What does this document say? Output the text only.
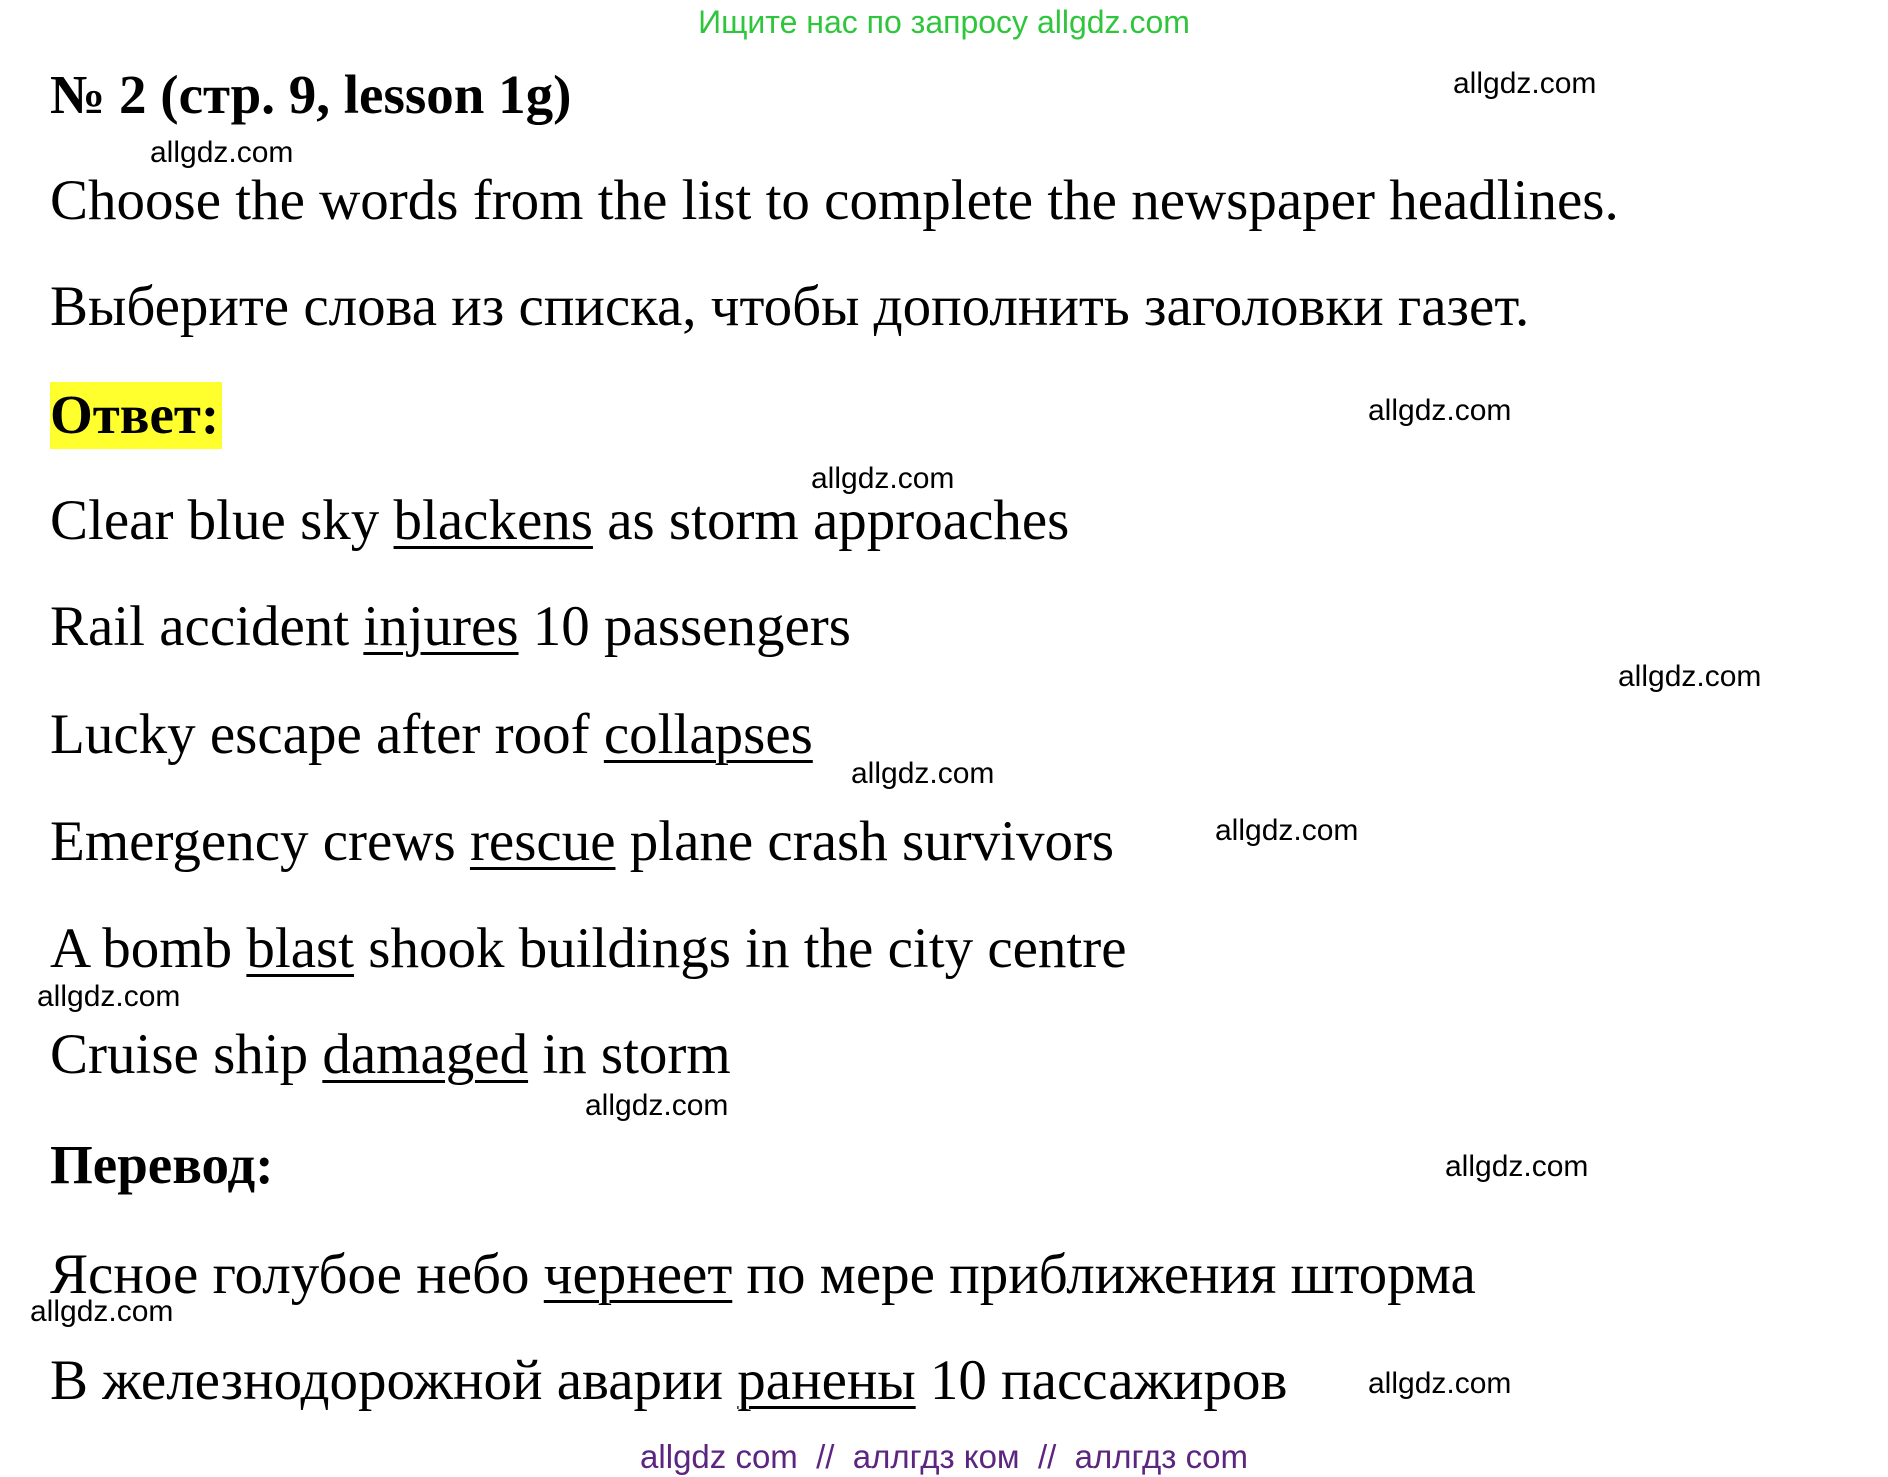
Ищите нас по запросу allgdz.com
№ 2 (стр. 9, lesson 1g)
Choose the words from the list to complete the newspaper headlines.
Выберите слова из списка, чтобы дополнить заголовки газет.
Ответ:
Clear blue sky blackens as storm approaches
Rail accident injures 10 passengers
Lucky escape after roof collapses
Emergency crews rescue plane crash survivors
A bomb blast shook buildings in the city centre
Cruise ship damaged in storm
Перевод:
Ясное голубое небо чернеет по мере приближения шторма
В железнодорожной аварии ранены 10 пассажиров
allgdz.com
allgdz.com
allgdz.com
allgdz.com
allgdz.com
allgdz.com
allgdz.com
allgdz.com
allgdz.com
allgdz.com
allgdz.com
allgdz.com
allgdz com  //  аллгдз ком  //  аллгдз com
